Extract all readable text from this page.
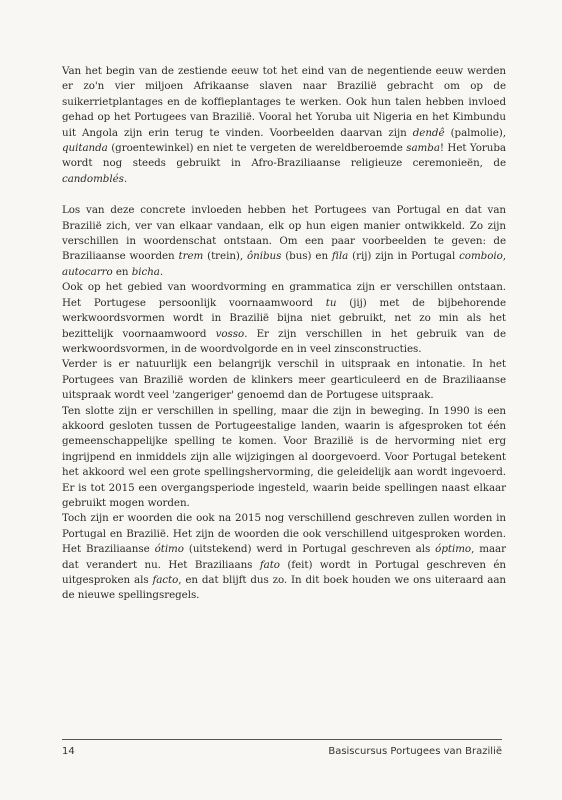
Van het begin van de zestiende eeuw tot het eind van de negentiende eeuw werden er zo'n vier miljoen Afrikaanse slaven naar Brazilië gebracht om op de suikerrietplantages en de koffieplantages te werken. Ook hun talen hebben invloed gehad op het Portugees van Brazilië. Vooral het Yoruba uit Nigeria en het Kimbundu uit Angola zijn erin terug te vinden. Voorbeelden daarvan zijn dendê (palmolie), quitanda (groentewinkel) en niet te vergeten de wereldberoemde samba! Het Yoruba wordt nog steeds gebruikt in Afro-Braziliaanse religieuze ceremonieën, de candomblés.

Los van deze concrete invloeden hebben het Portugees van Portugal en dat van Brazilië zich, ver van elkaar vandaan, elk op hun eigen manier ontwikkeld. Zo zijn verschillen in woordenschat ontstaan. Om een paar voorbeelden te geven: de Braziliaanse woorden trem (trein), ônibus (bus) en fila (rij) zijn in Portugal comboio, autocarro en bicha.

Ook op het gebied van woordvorming en grammatica zijn er verschillen ontstaan. Het Portugese persoonlijk voornaamwoord tu (jij) met de bijbehorende werkwoordsvormen wordt in Brazilië bijna niet gebruikt, net zo min als het bezittelijk voornaamwoord vosso. Er zijn verschillen in het gebruik van de werkwoordsvormen, in de woordvolgorde en in veel zinsconstructies.

Verder is er natuurlijk een belangrijk verschil in uitspraak en intonatie. In het Portugees van Brazilië worden de klinkers meer gearticuleerd en de Braziliaanse uitspraak wordt veel 'zangeriger' genoemd dan de Portugese uitspraak.

Ten slotte zijn er verschillen in spelling, maar die zijn in beweging. In 1990 is een akkoord gesloten tussen de Portugeestalige landen, waarin is afgesproken tot één gemeenschappelijke spelling te komen. Voor Brazilië is de hervorming niet erg ingrijpend en inmiddels zijn alle wijzigingen al doorgevoerd. Voor Portugal betekent het akkoord wel een grote spellingshervorming, die geleidelijk aan wordt ingevoerd. Er is tot 2015 een overgangsperiode ingesteld, waarin beide spellingen naast elkaar gebruikt mogen worden.

Toch zijn er woorden die ook na 2015 nog verschillend geschreven zullen worden in Portugal en Brazilië. Het zijn de woorden die ook verschillend uitgesproken worden. Het Braziliaanse ótimo (uitstekend) werd in Portugal geschreven als óptimo, maar dat verandert nu. Het Braziliaans fato (feit) wordt in Portugal geschreven én uitgesproken als facto, en dat blijft dus zo. In dit boek houden we ons uiteraard aan de nieuwe spellingsregels.

14	Basiscursus Portugees van Brazilië
